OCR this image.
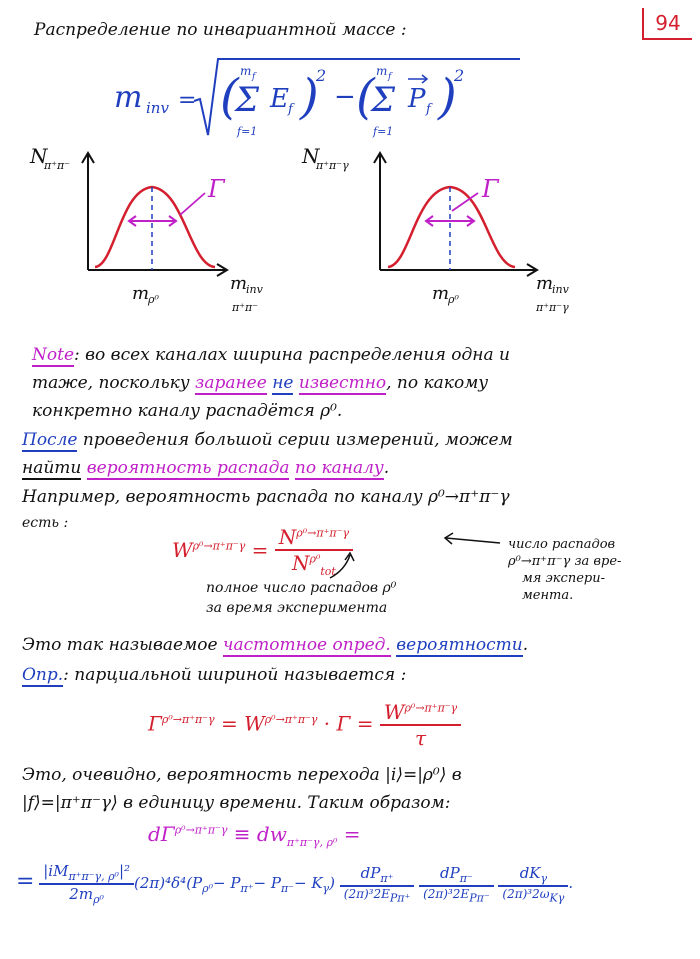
94
Распределение по инвариантной массе :
m inv = (
Σ
m f
f=1
E f )
2
− (
Σ
m f
f=1
P f )
2
Γ
N
π⁺π⁻
m
ρ⁰
m
inv
π⁺π⁻
Γ
N
π⁺π⁻γ
m
ρ⁰
m
inv
π⁺π⁻γ
Note: во всех каналах ширина распределения одна и
таже, поскольку заранее не известно, по какому
конкретно каналу распадётся ρ⁰.
После проведения большой серии измерений, можем
найти вероятность распада по каналу.
Например, вероятность распада по каналу ρ⁰→π⁺π⁻γ
есть :
$W^{\rho^0\to\pi^+\pi^-\gamma} = \frac{N^{\rho^0\to\pi^+\pi^-\gamma}}{N^{\rho^0}_{tot}}$	число распадов
ρ⁰→π⁺π⁻γ за вре-
мя экспери-
мента.
полное число распадов ρ⁰
за время эксперимента
Это так называемое частотное опред. вероятности.
Опр.: парциальной шириной называется :
$\Gamma^{\rho^0\to\pi^+\pi^-\gamma} = W^{\rho^0\to\pi^+\pi^-\gamma} \cdot \Gamma = \frac{W^{\rho^0\to\pi^+\pi^-\gamma}}{\tau}$
Это, очевидно, вероятность перехода |i⟩=|ρ⁰⟩ в
|f⟩=|π⁺π⁻γ⟩ в единицу времени. Таким образом:
$d\Gamma^{\rho^0\to\pi^+\pi^-\gamma} \equiv dw_{\pi^+\pi^-\gamma, \rho^0}$ =
= $\frac{|iM_{\pi^+\pi^-\gamma, \rho^0}|^2}{2m_{\rho^0}} (2\pi)^4\delta^4(P_{\rho^0}- P_{\pi^+}- P_{\pi^-}- K_\gamma) \frac{dP_{\pi^+}}{(2\pi)^32E_{P\pi^+}}$
$\frac{dP_{\pi^-}}{(2\pi)^32E_{P\pi^-}}$
$\frac{dK_\gamma}{(2\pi)^32\omega_{K\gamma}}$ .
